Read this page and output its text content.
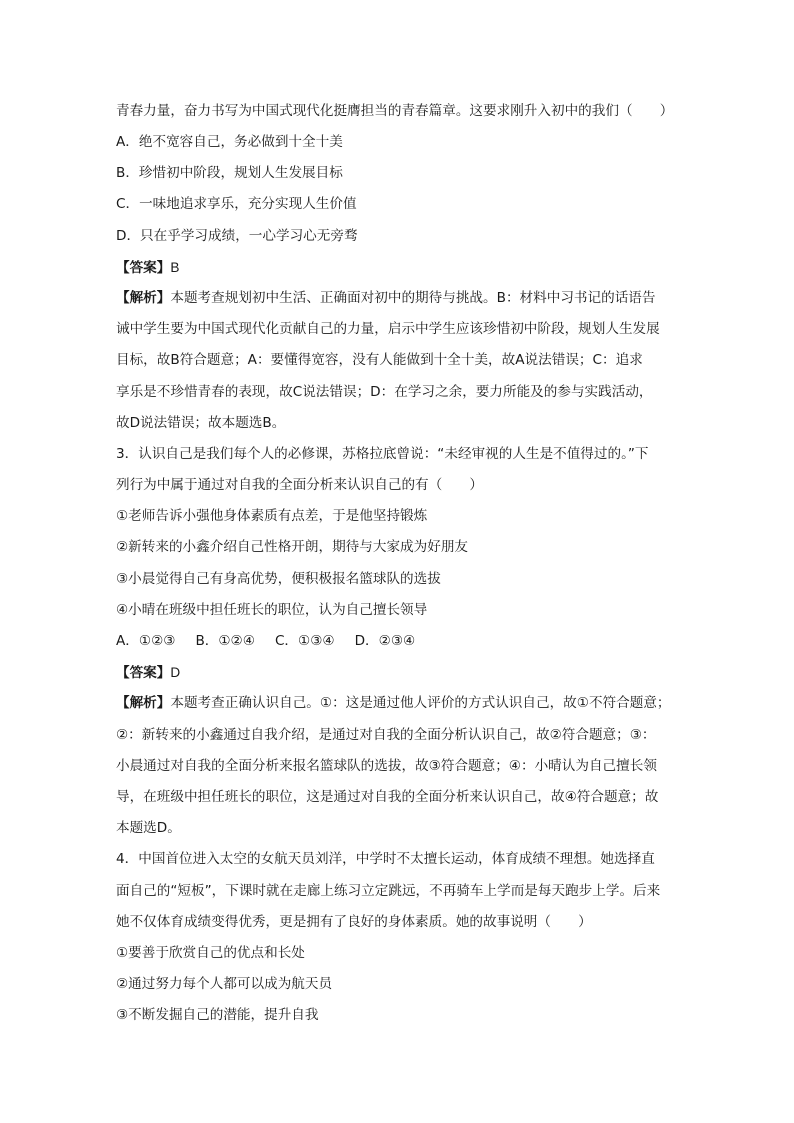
青春力量，奋力书写为中国式现代化挺膺担当的青春篇章。这要求刚升入初中的我们（　　）
A．绝不宽容自己，务必做到十全十美
B．珍惜初中阶段，规划人生发展目标
C．一味地追求享乐，充分实现人生价值
D．只在乎学习成绩，一心学习心无旁骛
【答案】B
【解析】本题考查规划初中生活、正确面对初中的期待与挑战。B：材料中习书记的话语告
诫中学生要为中国式现代化贡献自己的力量，启示中学生应该珍惜初中阶段，规划人生发展
目标，故B符合题意；A：要懂得宽容，没有人能做到十全十美，故A说法错误；C：追求
享乐是不珍惜青春的表现，故C说法错误；D：在学习之余，要力所能及的参与实践活动，
故D说法错误；故本题选B。
3．认识自己是我们每个人的必修课，苏格拉底曾说：“未经审视的人生是不值得过的。”下
列行为中属于通过对自我的全面分析来认识自己的有（　　）
①老师告诉小强他身体素质有点差，于是他坚持锻炼
②新转来的小鑫介绍自己性格开朗，期待与大家成为好朋友
③小晨觉得自己有身高优势，便积极报名篮球队的选拔
④小晴在班级中担任班长的职位，认为自己擅长领导
A．①②③ B．①②④ C．①③④ D．②③④
【答案】D
【解析】本题考查正确认识自己。①：这是通过他人评价的方式认识自己，故①不符合题意；
②：新转来的小鑫通过自我介绍，是通过对自我的全面分析认识自己，故②符合题意；③：
小晨通过对自我的全面分析来报名篮球队的选拔，故③符合题意；④：小晴认为自己擅长领
导，在班级中担任班长的职位，这是通过对自我的全面分析来认识自己，故④符合题意；故
本题选D。
4．中国首位进入太空的女航天员刘洋，中学时不太擅长运动，体育成绩不理想。她选择直
面自己的“短板”，下课时就在走廊上练习立定跳远，不再骑车上学而是每天跑步上学。后来
她不仅体育成绩变得优秀，更是拥有了良好的身体素质。她的故事说明（　　）
①要善于欣赏自己的优点和长处
②通过努力每个人都可以成为航天员
③不断发掘自己的潜能，提升自我
